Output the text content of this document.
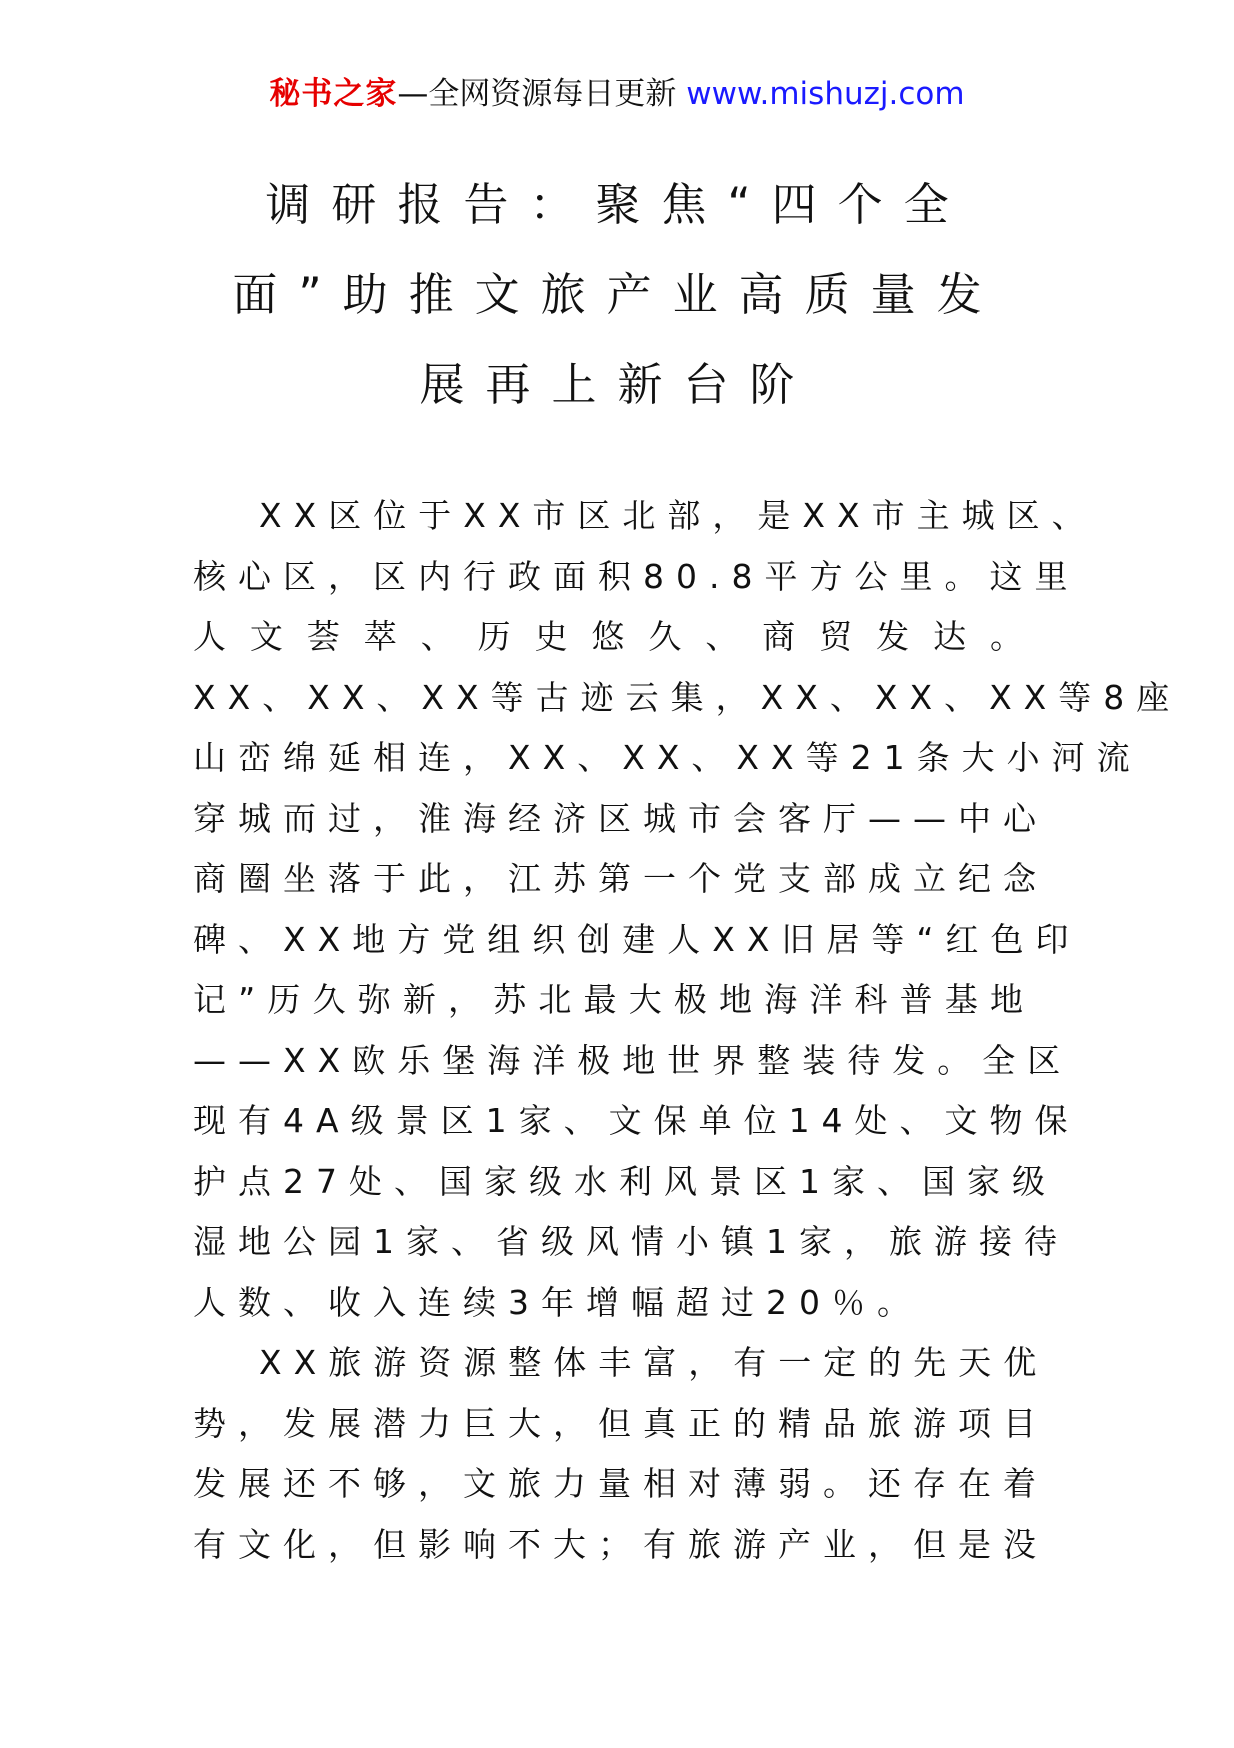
秘书之家—全网资源每日更新 www.mishuzj.com
调研报告：聚焦“四个全
面”助推文旅产业高质量发
展再上新台阶
XX区位于XX市区北部，是XX市主城区、
核心区，区内行政面积80.8平方公里。这里
人文荟萃、历史悠久、商贸发达。
XX、XX、XX等古迹云集，XX、XX、XX等8座
山峦绵延相连，XX、XX、XX等21条大小河流
穿城而过，淮海经济区城市会客厅——中心
商圈坐落于此，江苏第一个党支部成立纪念
碑、XX地方党组织创建人XX旧居等“红色印
记”历久弥新，苏北最大极地海洋科普基地
——XX欧乐堡海洋极地世界整装待发。全区
现有4A级景区1家、文保单位14处、文物保
护点27处、国家级水利风景区1家、国家级
湿地公园1家、省级风情小镇1家，旅游接待
人数、收入连续3年增幅超过20％。
XX旅游资源整体丰富，有一定的先天优
势，发展潜力巨大，但真正的精品旅游项目
发展还不够，文旅力量相对薄弱。还存在着
有文化，但影响不大；有旅游产业，但是没
